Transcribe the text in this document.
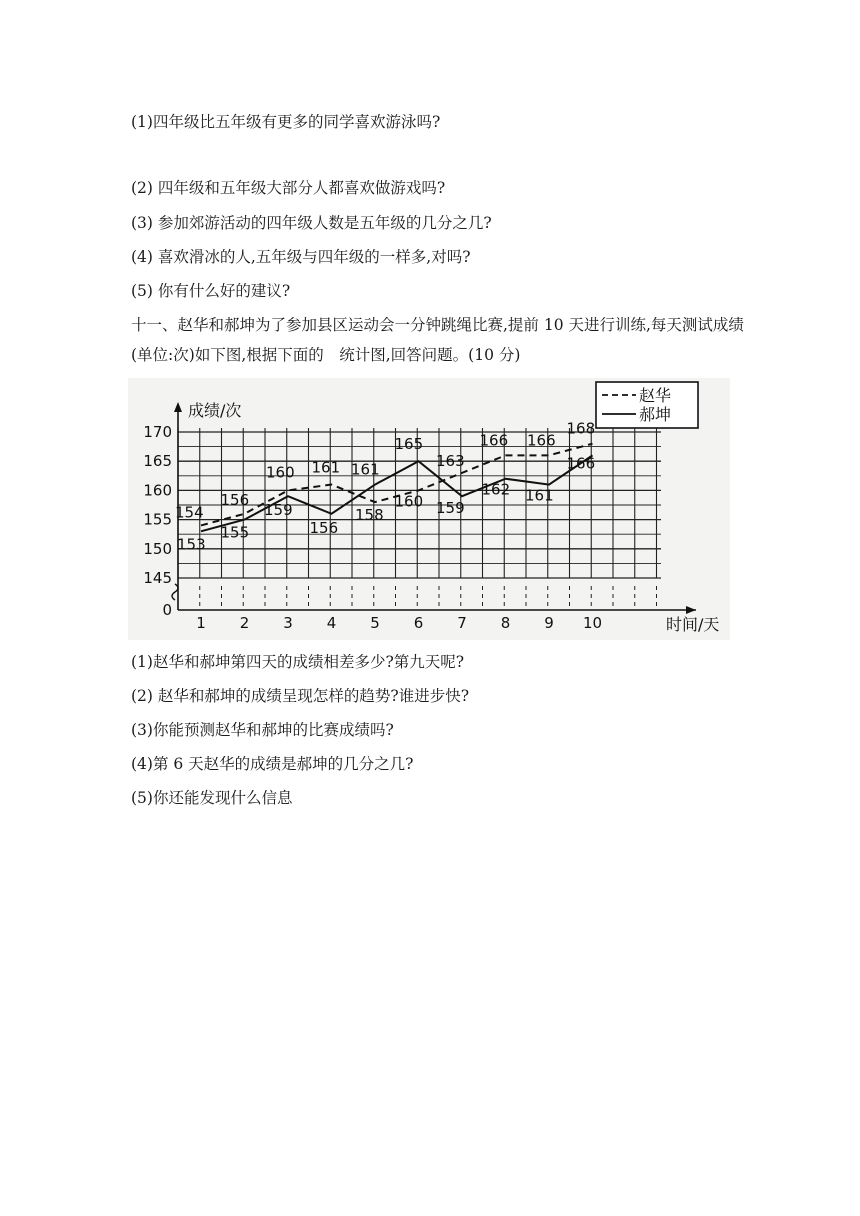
(1)四年级比五年级有更多的同学喜欢游泳吗?
(2) 四年级和五年级大部分人都喜欢做游戏吗?
(3) 参加郊游活动的四年级人数是五年级的几分之几?
(4) 喜欢滑冰的人,五年级与四年级的一样多,对吗?
(5) 你有什么好的建议?
十一、赵华和郝坤为了参加县区运动会一分钟跳绳比赛,提前 10 天进行训练,每天测试成绩(单位:次)如下图,根据下面的　统计图,回答问题。(10 分)
0
145
150
155
160
165
170
1 2 3 4 5 6 7 8 9 10
成绩/次
时间/天
赵华
郝坤
154
156
160 161
158
160
163
166 166
168
153
155
159
156
161
165
159
162 161
166
(1)赵华和郝坤第四天的成绩相差多少?第九天呢?
(2) 赵华和郝坤的成绩呈现怎样的趋势?谁进步快?
(3)你能预测赵华和郝坤的比赛成绩吗?
(4)第 6 天赵华的成绩是郝坤的几分之几?
(5)你还能发现什么信息
